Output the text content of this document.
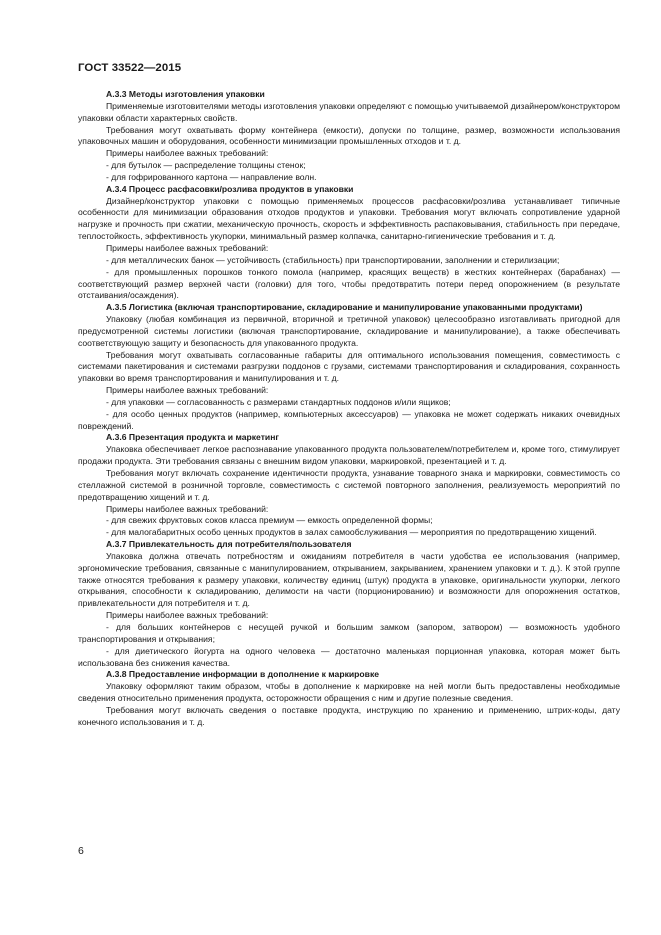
ГОСТ 33522—2015

А.3.3 Методы изготовления упаковки

Применяемые изготовителями методы изготовления упаковки определяют с помощью учитываемой дизайнером/конструктором упаковки области характерных свойств.

Требования могут охватывать форму контейнера (емкости), допуски по толщине, размер, возможности использования упаковочных машин и оборудования, особенности минимизации промышленных отходов и т. д.

Примеры наиболее важных требований:

- для бутылок — распределение толщины стенок;

- для гофрированного картона — направление волн.

А.3.4 Процесс расфасовки/розлива продуктов в упаковки

Дизайнер/конструктор упаковки с помощью применяемых процессов расфасовки/розлива устанавливает типичные особенности для минимизации образования отходов продуктов и упаковки. Требования могут включать сопротивление ударной нагрузке и прочность при сжатии, механическую прочность, скорость и эффективность распаковывания, стабильность при передаче, теплостойкость, эффективность укупорки, минимальный размер колпачка, санитарно-гигиенические требования и т. д.

Примеры наиболее важных требований:

- для металлических банок — устойчивость (стабильность) при транспортировании, заполнении и стерилизации;

- для промышленных порошков тонкого помола (например, красящих веществ) в жестких контейнерах (барабанах) — соответствующий размер верхней части (головки) для того, чтобы предотвратить потери перед опорожнением (в результате отстаивания/осаждения).

А.3.5 Логистика (включая транспортирование, складирование и манипулирование упакованными продуктами)

Упаковку (любая комбинация из первичной, вторичной и третичной упаковок) целесообразно изготавливать пригодной для предусмотренной системы логистики (включая транспортирование, складирование и манипулирование), а также обеспечивать соответствующую защиту и безопасность для упакованного продукта.

Требования могут охватывать согласованные габариты для оптимального использования помещения, совместимость с системами пакетирования и системами разгрузки поддонов с грузами, системами транспортирования и складирования, сохранность упаковки во время транспортирования и манипулирования и т. д.

Примеры наиболее важных требований:

- для упаковки — согласованность с размерами стандартных поддонов и/или ящиков;

- для особо ценных продуктов (например, компьютерных аксессуаров) — упаковка не может содержать никаких очевидных повреждений.

А.3.6 Презентация продукта и маркетинг

Упаковка обеспечивает легкое распознавание упакованного продукта пользователем/потребителем и, кроме того, стимулирует продажи продукта. Эти требования связаны с внешним видом упаковки, маркировкой, презентацией и т. д.

Требования могут включать сохранение идентичности продукта, узнавание товарного знака и маркировки, совместимость со стеллажной системой в розничной торговле, совместимость с системой повторного заполнения, реализуемость мероприятий по предотвращению хищений и т. д.

Примеры наиболее важных требований:

- для свежих фруктовых соков класса премиум — емкость определенной формы;

- для малогабаритных особо ценных продуктов в залах самообслуживания — мероприятия по предотвращению хищений.

А.3.7 Привлекательность для потребителя/пользователя

Упаковка должна отвечать потребностям и ожиданиям потребителя в части удобства ее использования (например, эргономические требования, связанные с манипулированием, открыванием, закрыванием, хранением упаковки и т. д.). К этой группе также относятся требования к размеру упаковки, количеству единиц (штук) продукта в упаковке, оригинальности укупорки, легкого открывания, способности к складированию, делимости на части (порционированию) и возможности для опорожнения остатков, привлекательности для потребителя и т. д.

Примеры наиболее важных требований:

- для больших контейнеров с несущей ручкой и большим замком (запором, затвором) — возможность удобного транспортирования и открывания;

- для диетического йогурта на одного человека — достаточно маленькая порционная упаковка, которая может быть использована без снижения качества.

А.3.8 Предоставление информации в дополнение к маркировке

Упаковку оформляют таким образом, чтобы в дополнение к маркировке на ней могли быть предоставлены необходимые сведения относительно применения продукта, осторожности обращения с ним и другие полезные сведения.

Требования могут включать сведения о поставке продукта, инструкцию по хранению и применению, штрих-коды, дату конечного использования и т. д.

6
